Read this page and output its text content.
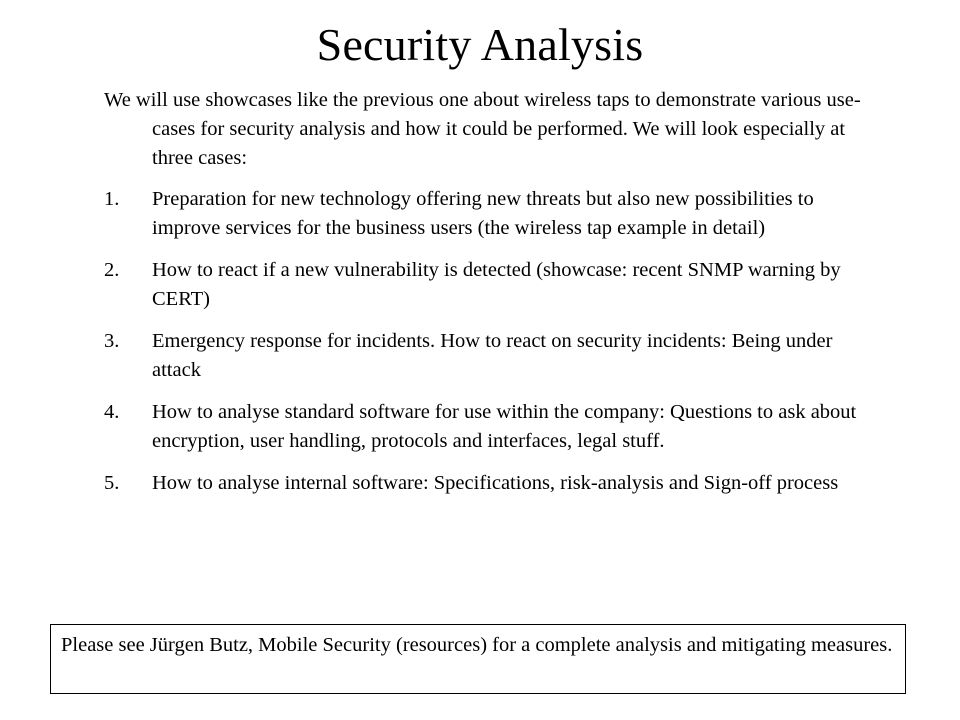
Security Analysis

We will use showcases like the previous one about wireless taps to demonstrate various use-cases for security analysis and how it could be performed. We will look especially at three cases:

1.	Preparation for new technology offering new threats but also new possibilities to improve services for the business users (the wireless tap example in detail)
2.	How to react if a new vulnerability is detected (showcase: recent SNMP warning by CERT)
3.	Emergency response for incidents. How to react on security incidents: Being under attack
4.	How to analyse standard software for use within the company: Questions to ask about encryption, user handling, protocols and interfaces, legal stuff.
5.	How to analyse internal software: Specifications, risk-analysis and Sign-off process
Please see Jürgen Butz, Mobile Security (resources) for a complete analysis and mitigating measures.
